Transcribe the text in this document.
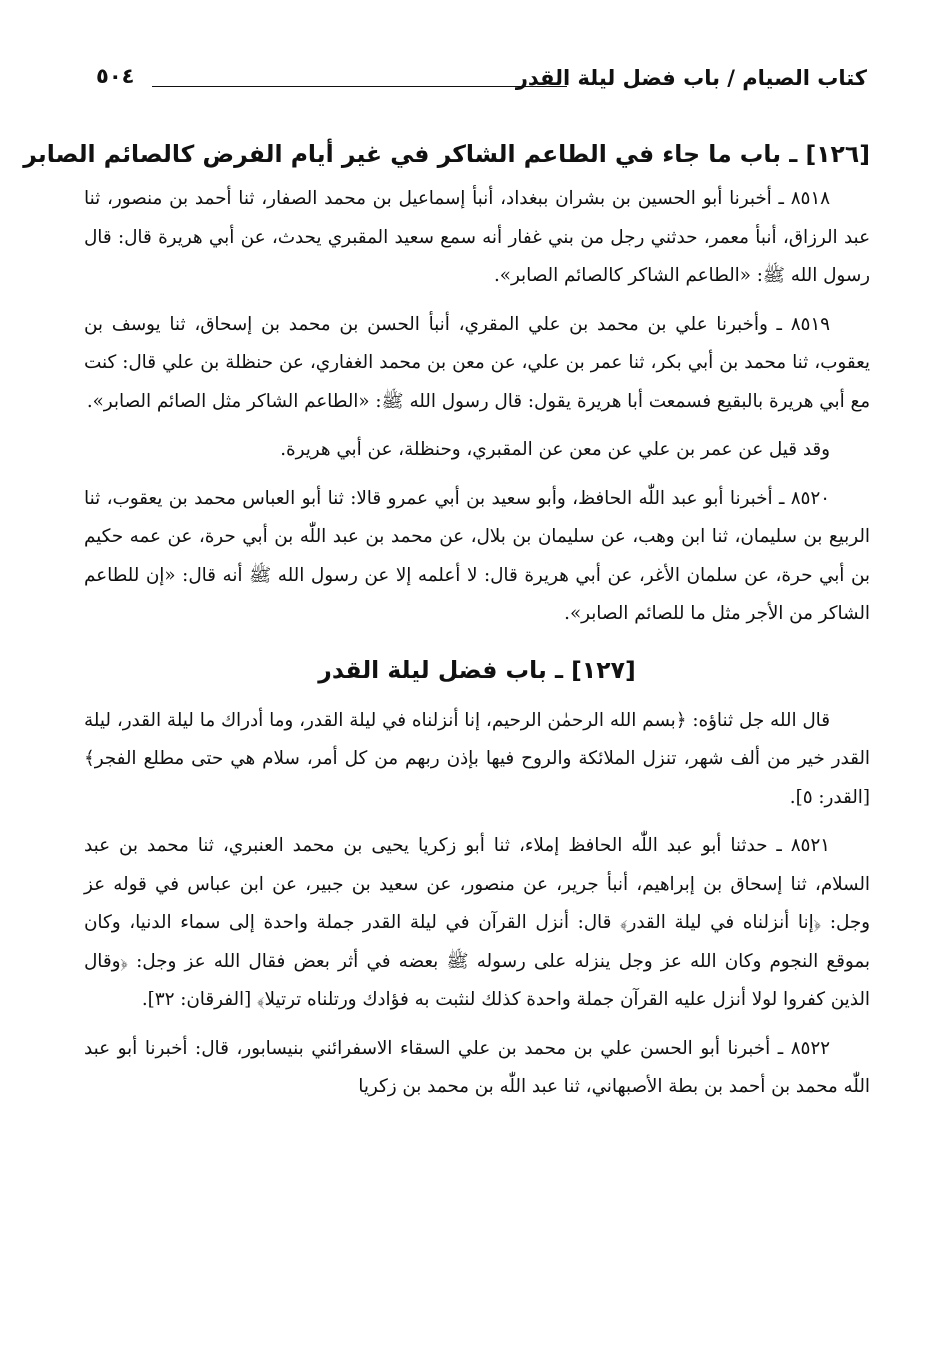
كتاب الصيام / باب فضل ليلة القدر
٥٠٤
[١٢٦] ـ باب ما جاء في الطاعم الشاكر في غير أيام الفرض كالصائم الصابر

٨٥١٨ ـ أخبرنا أبو الحسين بن بشران ببغداد، أنبأ إسماعيل بن محمد الصفار، ثنا أحمد بن منصور، ثنا عبد الرزاق، أنبأ معمر، حدثني رجل من بني غفار أنه سمع سعيد المقبري يحدث، عن أبي هريرة قال: قال رسول الله ﷺ: «الطاعم الشاكر كالصائم الصابر».

٨٥١٩ ـ وأخبرنا علي بن محمد بن علي المقري، أنبأ الحسن بن محمد بن إسحاق، ثنا يوسف بن يعقوب، ثنا محمد بن أبي بكر، ثنا عمر بن علي، عن معن بن محمد الغفاري، عن حنظلة بن علي قال: كنت مع أبي هريرة بالبقيع فسمعت أبا هريرة يقول: قال رسول الله ﷺ: «الطاعم الشاكر مثل الصائم الصابر».

وقد قيل عن عمر بن علي عن معن عن المقبري، وحنظلة، عن أبي هريرة.

٨٥٢٠ ـ أخبرنا أبو عبد اللّٰه الحافظ، وأبو سعيد بن أبي عمرو قالا: ثنا أبو العباس محمد بن يعقوب، ثنا الربيع بن سليمان، ثنا ابن وهب، عن سليمان بن بلال، عن محمد بن عبد اللّٰه بن أبي حرة، عن عمه حكيم بن أبي حرة، عن سلمان الأغر، عن أبي هريرة قال: لا أعلمه إلا عن رسول الله ﷺ أنه قال: «إن للطاعم الشاكر من الأجر مثل ما للصائم الصابر».

[١٢٧] ـ باب فضل ليلة القدر

قال الله جل ثناؤه: ﴿بسم الله الرحمٰن الرحيم، إنا أنزلناه في ليلة القدر، وما أدراك ما ليلة القدر، ليلة القدر خير من ألف شهر، تنزل الملائكة والروح فيها بإذن ربهم من كل أمر، سلام هي حتى مطلع الفجر﴾ [القدر: ٥].

٨٥٢١ ـ حدثنا أبو عبد اللّٰه الحافظ إملاء، ثنا أبو زكريا يحيى بن محمد العنبري، ثنا محمد بن عبد السلام، ثنا إسحاق بن إبراهيم، أنبأ جرير، عن منصور، عن سعيد بن جبير، عن ابن عباس في قوله عز وجل: ﴿إنا أنزلناه في ليلة القدر﴾ قال: أنزل القرآن في ليلة القدر جملة واحدة إلى سماء الدنيا، وكان بموقع النجوم وكان الله عز وجل ينزله على رسوله ﷺ بعضه في أثر بعض فقال الله عز وجل: ﴿وقال الذين كفروا لولا أنزل عليه القرآن جملة واحدة كذلك لنثبت به فؤادك ورتلناه ترتيلا﴾ [الفرقان: ٣٢].

٨٥٢٢ ـ أخبرنا أبو الحسن علي بن محمد بن علي السقاء الاسفرائني بنيسابور، قال: أخبرنا أبو عبد اللّٰه محمد بن أحمد بن بطة الأصبهاني، ثنا عبد اللّٰه بن محمد بن زكريا
